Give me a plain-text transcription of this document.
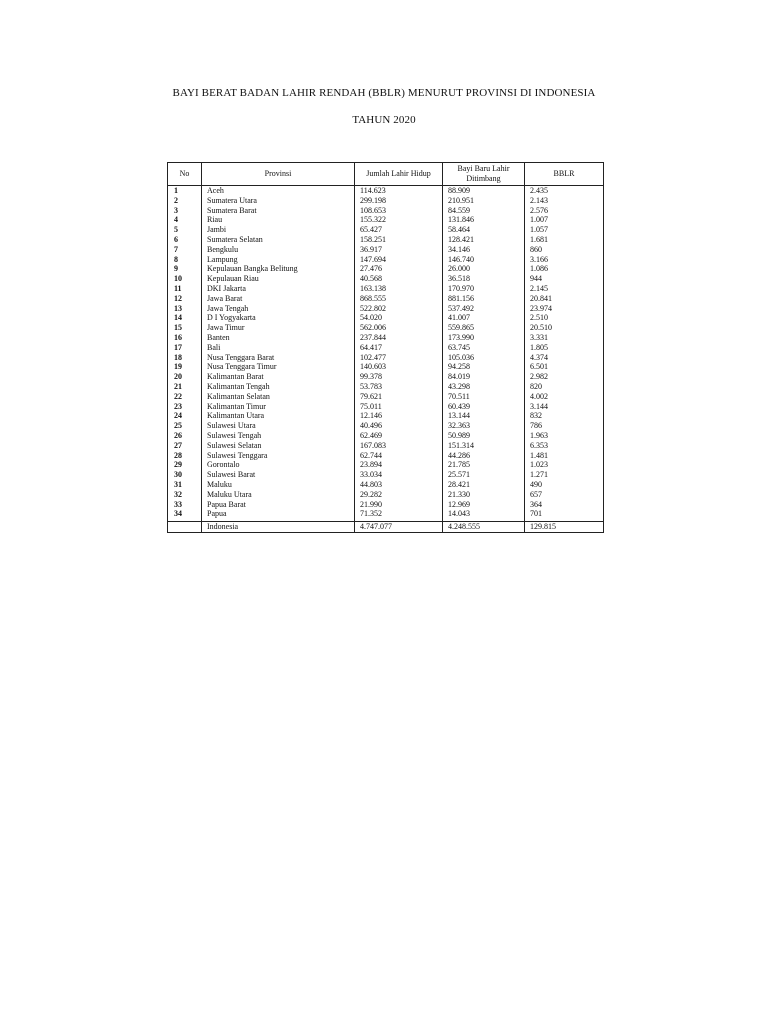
BAYI BERAT BADAN LAHIR RENDAH (BBLR) MENURUT PROVINSI DI INDONESIA
TAHUN 2020
No	Provinsi	Jumlah Lahir Hidup	Bayi Baru Lahir Ditimbang	BBLR
1	Aceh	114.623	88.909	2.435
2	Sumatera Utara	299.198	210.951	2.143
3	Sumatera Barat	108.653	84.559	2.576
4	Riau	155.322	131.846	1.007
5	Jambi	65.427	58.464	1.057
6	Sumatera Selatan	158.251	128.421	1.681
7	Bengkulu	36.917	34.146	860
8	Lampung	147.694	146.740	3.166
9	Kepulauan Bangka Belitung	27.476	26.000	1.086
10	Kepulauan Riau	40.568	36.518	944
11	DKI Jakarta	163.138	170.970	2.145
12	Jawa Barat	868.555	881.156	20.841
13	Jawa Tengah	522.802	537.492	23.974
14	D I Yogyakarta	54.020	41.007	2.510
15	Jawa Timur	562.006	559.865	20.510
16	Banten	237.844	173.990	3.331
17	Bali	64.417	63.745	1.805
18	Nusa Tenggara Barat	102.477	105.036	4.374
19	Nusa Tenggara Timur	140.603	94.258	6.501
20	Kalimantan Barat	99.378	84.019	2.982
21	Kalimantan Tengah	53.783	43.298	820
22	Kalimantan Selatan	79.621	70.511	4.002
23	Kalimantan Timur	75.011	60.439	3.144
24	Kalimantan Utara	12.146	13.144	832
25	Sulawesi Utara	40.496	32.363	786
26	Sulawesi Tengah	62.469	50.989	1.963
27	Sulawesi Selatan	167.083	151.314	6.353
28	Sulawesi Tenggara	62.744	44.286	1.481
29	Gorontalo	23.894	21.785	1.023
30	Sulawesi Barat	33.034	25.571	1.271
31	Maluku	44.803	28.421	490
32	Maluku Utara	29.282	21.330	657
33	Papua Barat	21.990	12.969	364
34	Papua	71.352	14.043	701
	Indonesia	4.747.077	4.248.555	129.815
